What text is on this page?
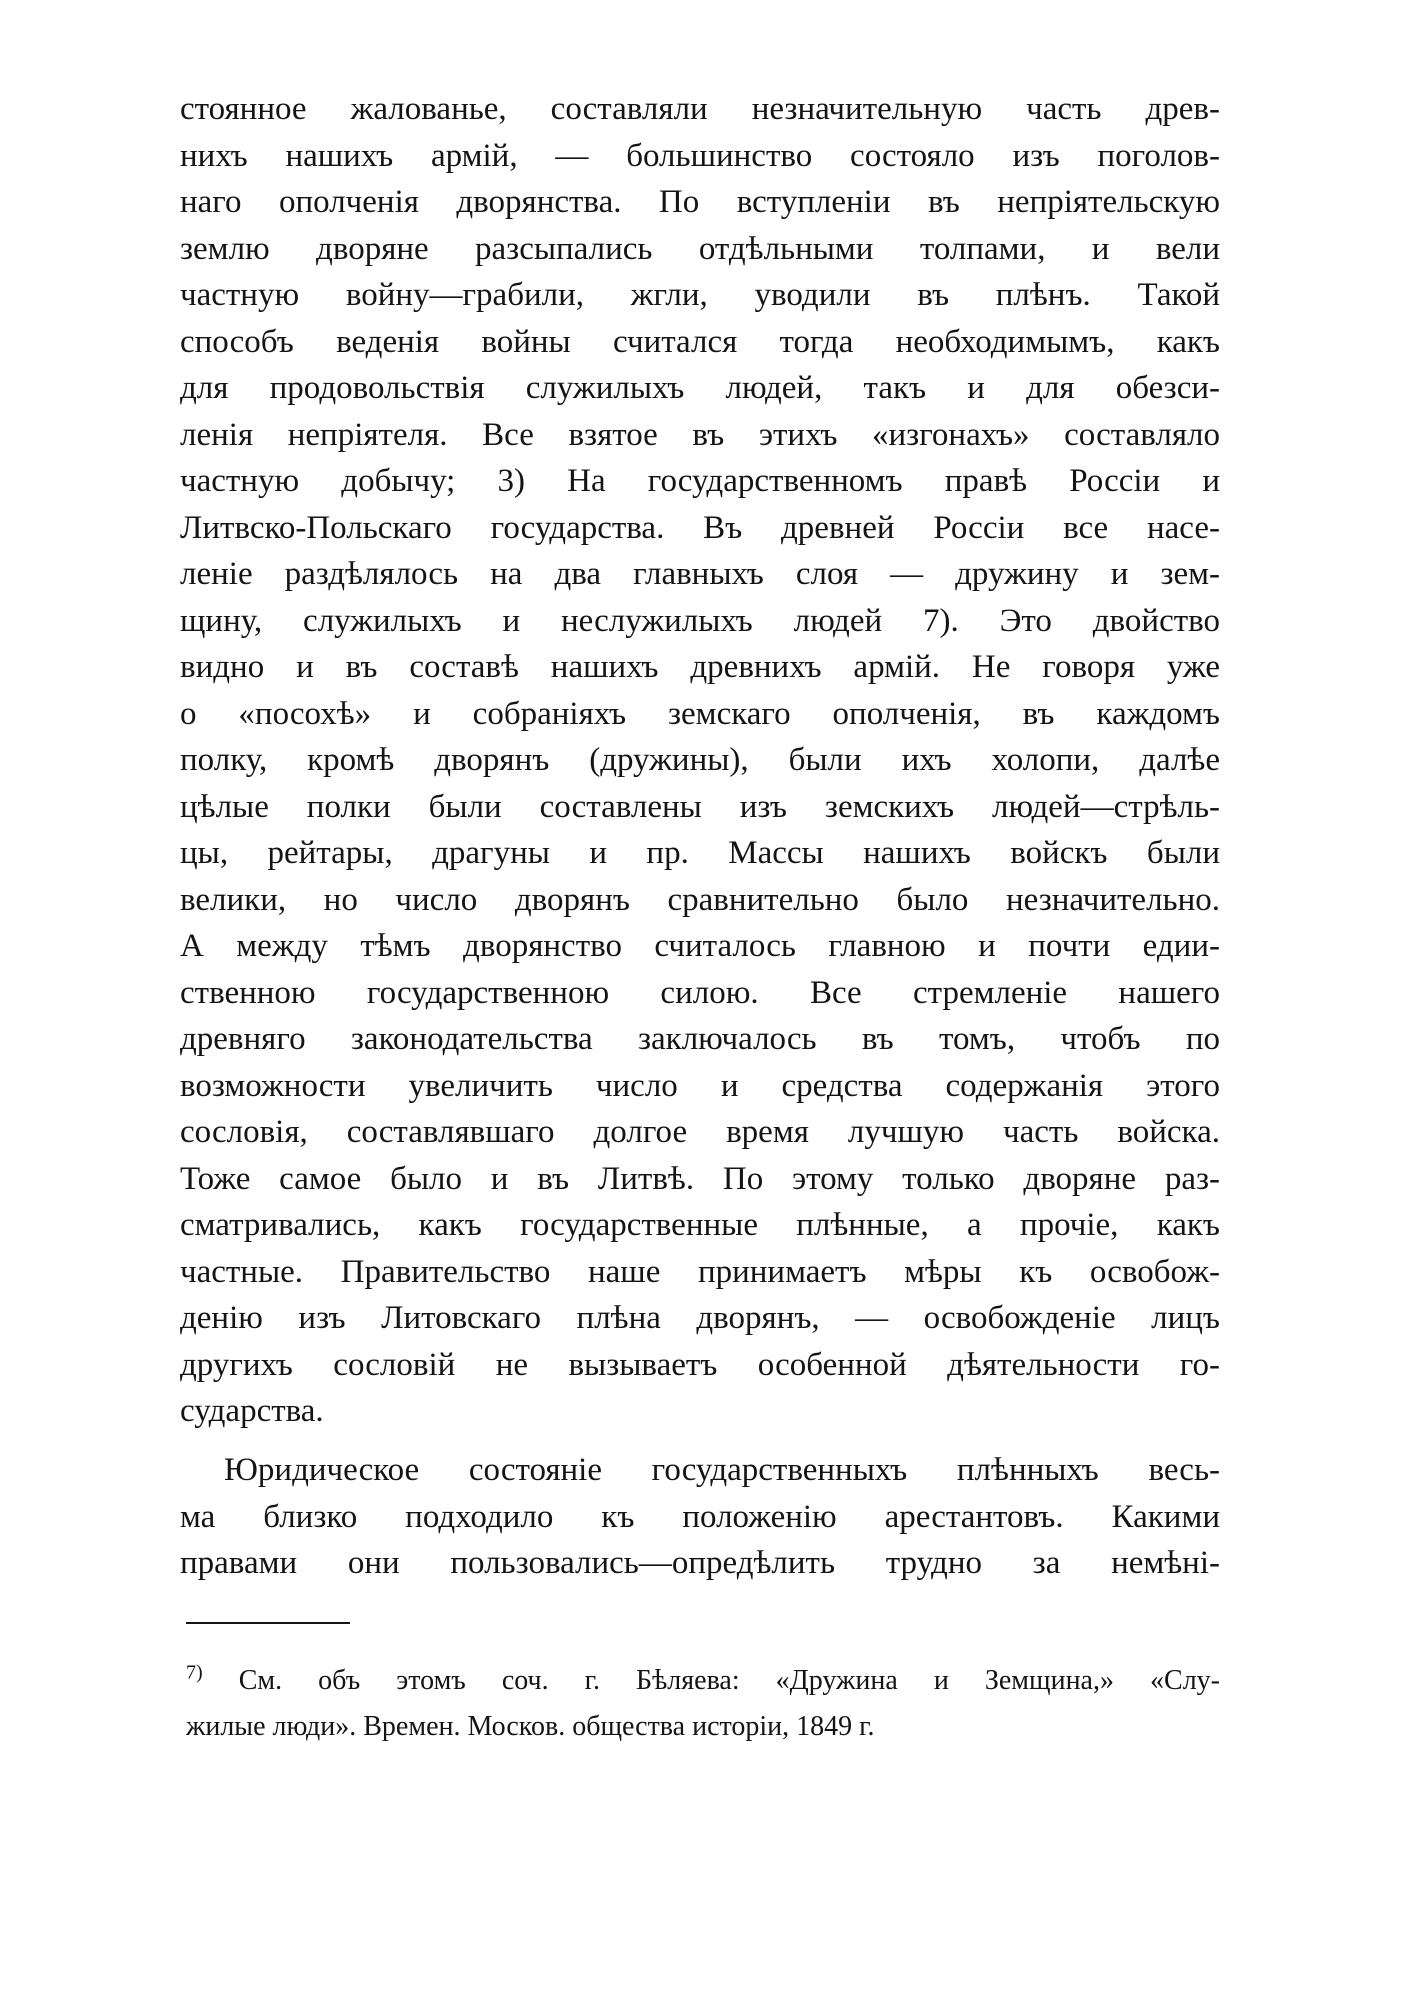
стоянное жалованье, составляли незначительную часть древ-
нихъ нашихъ армій, — большинство состояло изъ поголов-
наго ополченія дворянства. По вступленіи въ непріятельскую
землю дворяне разсыпались отдѣльными толпами, и вели
частную войну—грабили, жгли, уводили въ плѣнъ. Такой
способъ веденія войны считался тогда необходимымъ, какъ
для продовольствія служилыхъ людей, такъ и для обезси-
ленія непріятеля. Все взятое въ этихъ «изгонахъ» составляло
частную добычу; 3) На государственномъ правѣ Россіи и
Литвско-Польскаго государства. Въ древней Россіи все насе-
леніе раздѣлялось на два главныхъ слоя — дружину и зем-
щину, служилыхъ и неслужилыхъ людей 7). Это двойство
видно и въ составѣ нашихъ древнихъ армій. Не говоря уже
о «посохѣ» и собраніяхъ земскаго ополченія, въ каждомъ
полку, кромѣ дворянъ (дружины), были ихъ холопи, далѣе
цѣлые полки были составлены изъ земскихъ людей—стрѣль-
цы, рейтары, драгуны и пр. Массы нашихъ войскъ были
велики, но число дворянъ сравнительно было незначительно.
А между тѣмъ дворянство считалось главною и почти едии-
ственною государственною силою. Все стремленіе нашего
древняго законодательства заключалось въ томъ, чтобъ по
возможности увеличить число и средства содержанія этого
сословія, составлявшаго долгое время лучшую часть войска.
Тоже самое было и въ Литвѣ. По этому только дворяне раз-
сматривались, какъ государственные плѣнные, а прочіе, какъ
частные. Правительство наше принимаетъ мѣры къ освобож-
денію изъ Литовскаго плѣна дворянъ, — освобожденіе лицъ
другихъ сословій не вызываетъ особенной дѣятельности го-
сударства.
Юридическое состояніе государственныхъ плѣнныхъ весь-
ма близко подходило къ положенію арестантовъ. Какими
правами они пользовались—опредѣлить трудно за немѣні-
$^{7)}$ См. объ этомъ соч. г. Бѣляева: «Дружина и Земщина,» «Слу-
жилые люди». Времен. Москов. общества исторіи, 1849 г.
